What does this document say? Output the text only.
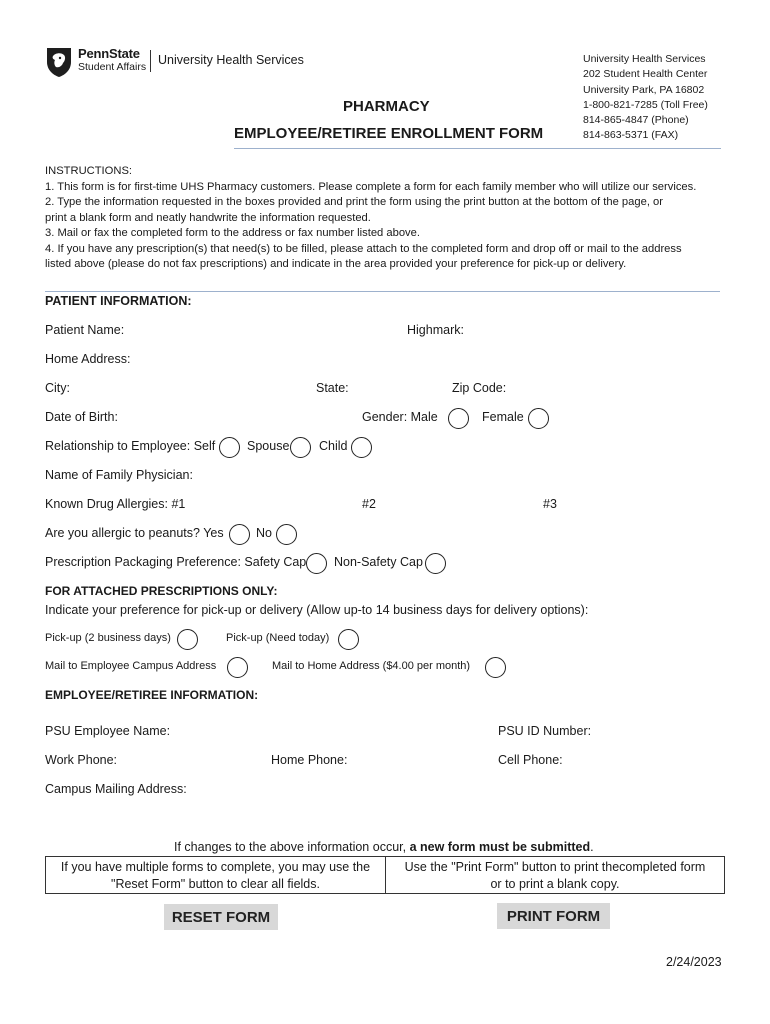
PennState
Student Affairs University Health Services
PHARMACY
EMPLOYEE/RETIREE ENROLLMENT FORM
University Health Services
202 Student Health Center
University Park, PA 16802
1-800-821-7285 (Toll Free)
814-865-4847 (Phone)
814-863-5371 (FAX)
INSTRUCTIONS:
1. This form is for first-time UHS Pharmacy customers. Please complete a form for each family member who will utilize our services.
2. Type the information requested in the boxes provided and print the form using the print button at the bottom of the page, or
print a blank form and neatly handwrite the information requested.
3. Mail or fax the completed form to the address or fax number listed above.
4. If you have any prescription(s) that need(s) to be filled, please attach to the completed form and drop off or mail to the address
listed above (please do not fax prescriptions) and indicate in the area provided your preference for pick-up or delivery.
PATIENT INFORMATION:
Patient Name:	Highmark:
Home Address:
City:	State:	Zip Code:
Date of Birth:	Gender: Male	Female
Relationship to Employee: Self	Spouse Child
Name of Family Physician:
Known Drug Allergies: #1	#2	#3
Are you allergic to peanuts? Yes	No
Prescription Packaging Preference: Safety Cap Non-Safety Cap
FOR ATTACHED PRESCRIPTIONS ONLY:
Indicate your preference for pick-up or delivery (Allow up-to 14 business days for delivery options):
Pick-up (2 business days)	Pick-up (Need today)
Mail to Employee Campus Address	Mail to Home Address ($4.00 per month)
EMPLOYEE/RETIREE INFORMATION:
PSU Employee Name:	PSU ID Number:
Work Phone:	Home Phone:	Cell Phone:
Campus Mailing Address:
If changes to the above information occur, a new form must be submitted.
If you have multiple forms to complete, you may use the
"Reset Form" button to clear all fields.
Use the "Print Form" button to print thecompleted form
or to print a blank copy.
RESET FORM	PRINT FORM
2/24/2023
